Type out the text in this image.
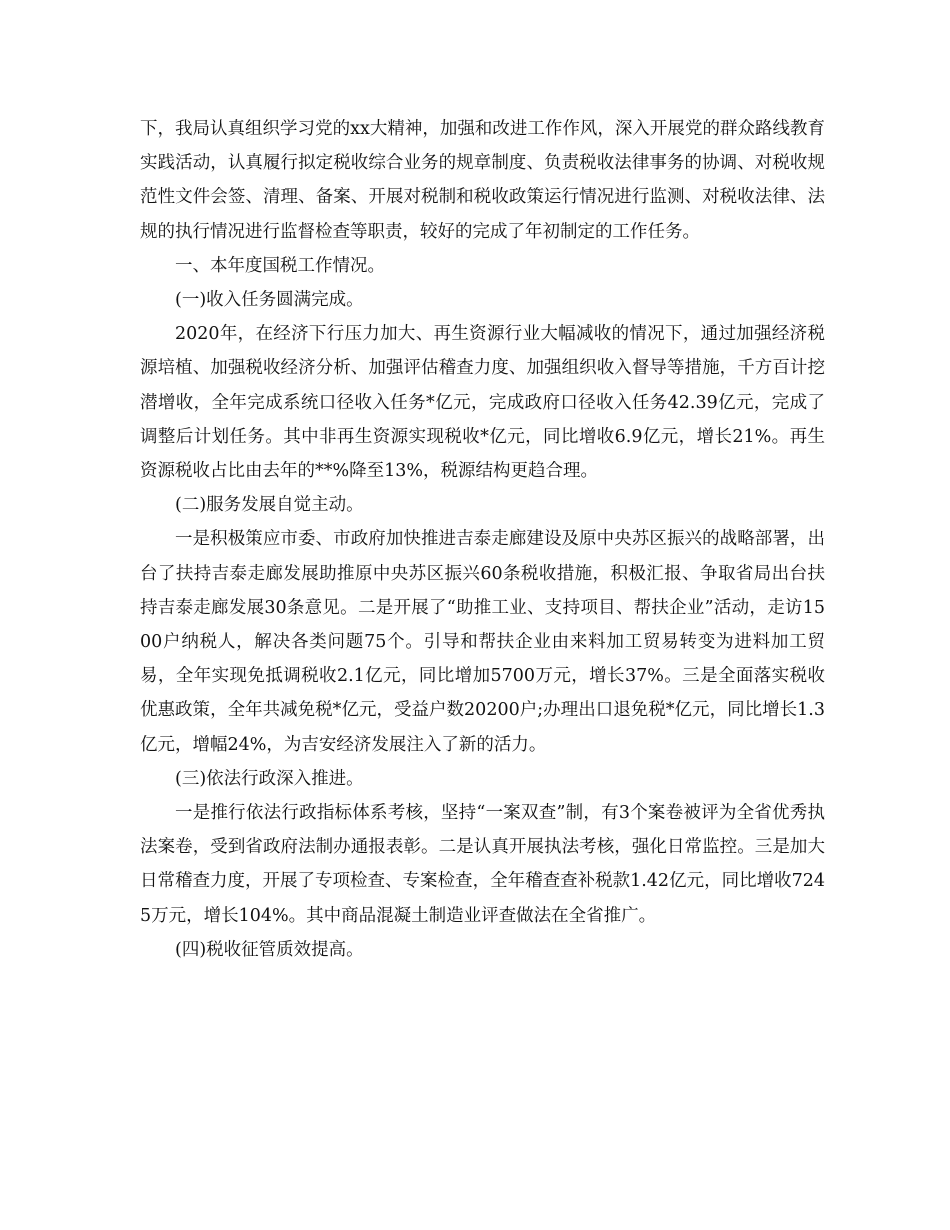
下，我局认真组织学习党的xx大精神，加强和改进工作作风，深入开展党的群众路线教育实践活动，认真履行拟定税收综合业务的规章制度、负责税收法律事务的协调、对税收规范性文件会签、清理、备案、开展对税制和税收政策运行情况进行监测、对税收法律、法规的执行情况进行监督检查等职责，较好的完成了年初制定的工作任务。

一、本年度国税工作情况。

(一)收入任务圆满完成。

2020年，在经济下行压力加大、再生资源行业大幅减收的情况下，通过加强经济税源培植、加强税收经济分析、加强评估稽查力度、加强组织收入督导等措施，千方百计挖潜增收，全年完成系统口径收入任务*亿元，完成政府口径收入任务42.39亿元，完成了调整后计划任务。其中非再生资源实现税收*亿元，同比增收6.9亿元，增长21%。再生资源税收占比由去年的**%降至13%，税源结构更趋合理。

(二)服务发展自觉主动。

一是积极策应市委、市政府加快推进吉泰走廊建设及原中央苏区振兴的战略部署，出台了扶持吉泰走廊发展助推原中央苏区振兴60条税收措施，积极汇报、争取省局出台扶持吉泰走廊发展30条意见。二是开展了“助推工业、支持项目、帮扶企业”活动，走访1500户纳税人，解决各类问题75个。引导和帮扶企业由来料加工贸易转变为进料加工贸易，全年实现免抵调税收2.1亿元，同比增加5700万元，增长37%。三是全面落实税收优惠政策，全年共减免税*亿元，受益户数20200户;办理出口退免税*亿元，同比增长1.3亿元，增幅24%，为吉安经济发展注入了新的活力。

(三)依法行政深入推进。

一是推行依法行政指标体系考核，坚持“一案双查”制，有3个案卷被评为全省优秀执法案卷，受到省政府法制办通报表彰。二是认真开展执法考核，强化日常监控。三是加大日常稽查力度，开展了专项检查、专案检查，全年稽查查补税款1.42亿元，同比增收7245万元，增长104%。其中商品混凝土制造业评查做法在全省推广。

(四)税收征管质效提高。
